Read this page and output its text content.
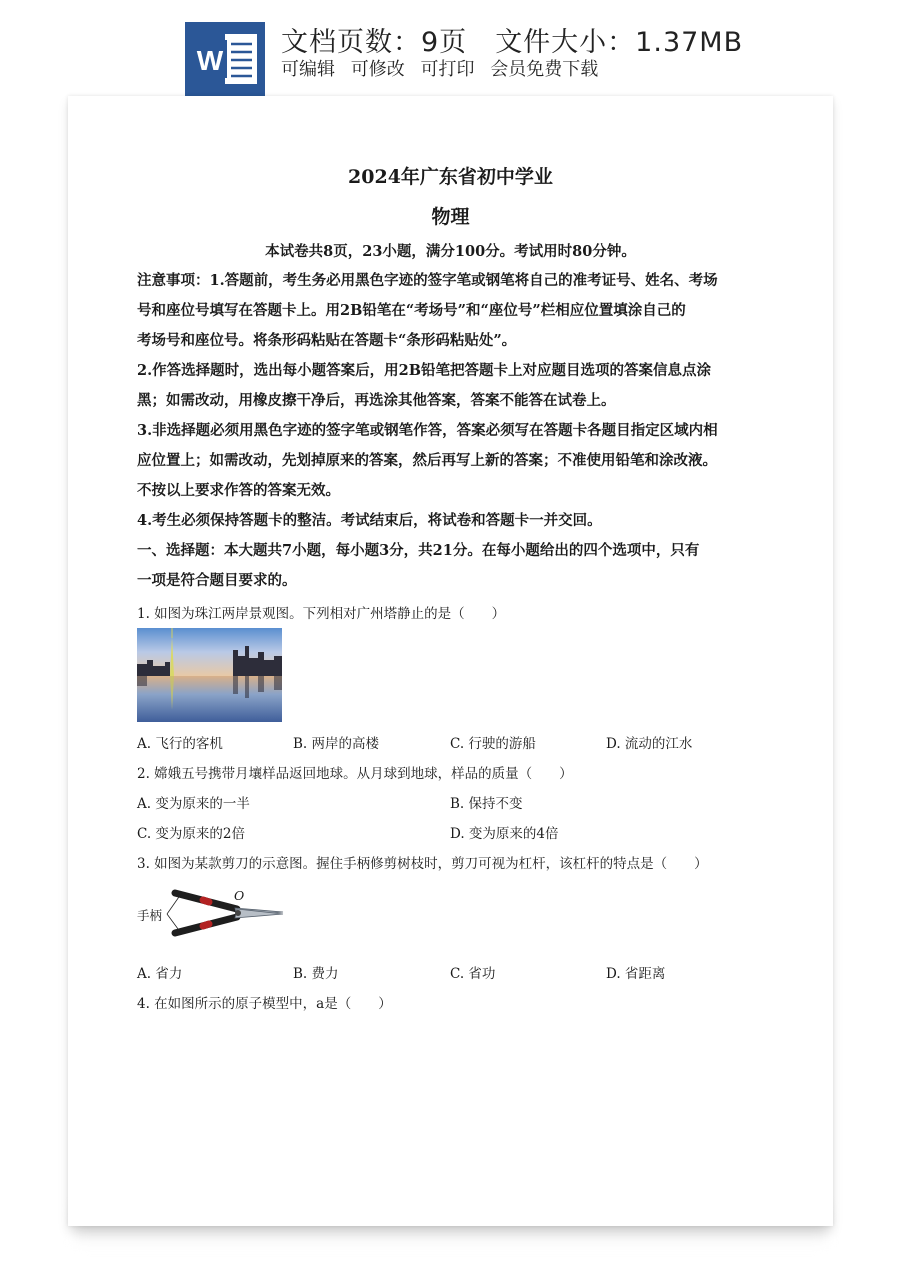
W
文档页数：9页 文件大小：1.37MB
可编辑 可修改 可打印 会员免费下载
2024年广东省初中学业
物理
本试卷共8页，23小题，满分100分。考试用时80分钟。
注意事项：1.答题前，考生务必用黑色字迹的签字笔或钢笔将自己的准考证号、姓名、考场
号和座位号填写在答题卡上。用2B铅笔在“考场号”和“座位号”栏相应位置填涂自己的
考场号和座位号。将条形码粘贴在答题卡“条形码粘贴处”。
2.作答选择题时，选出每小题答案后，用2B铅笔把答题卡上对应题目选项的答案信息点涂
黑；如需改动，用橡皮擦干净后，再选涂其他答案，答案不能答在试卷上。
3.非选择题必须用黑色字迹的签字笔或钢笔作答，答案必须写在答题卡各题目指定区域内相
应位置上；如需改动，先划掉原来的答案，然后再写上新的答案；不准使用铅笔和涂改液。
不按以上要求作答的答案无效。
4.考生必须保持答题卡的整洁。考试结束后，将试卷和答题卡一并交回。
一、选择题：本大题共7小题，每小题3分，共21分。在每小题给出的四个选项中，只有
一项是符合题目要求的。
1. 如图为珠江两岸景观图。下列相对广州塔静止的是（　　）
A. 飞行的客机	B. 两岸的高楼	C. 行驶的游船	D. 流动的江水
2. 嫦娥五号携带月壤样品返回地球。从月球到地球，样品的质量（　　）
A. 变为原来的一半	B. 保持不变
C. 变为原来的2倍	D. 变为原来的4倍
3. 如图为某款剪刀的示意图。握住手柄修剪树枝时，剪刀可视为杠杆，该杠杆的特点是（　　）
手柄
O
A. 省力	B. 费力	C. 省功	D. 省距离
4. 在如图所示的原子模型中，a是（　　）
